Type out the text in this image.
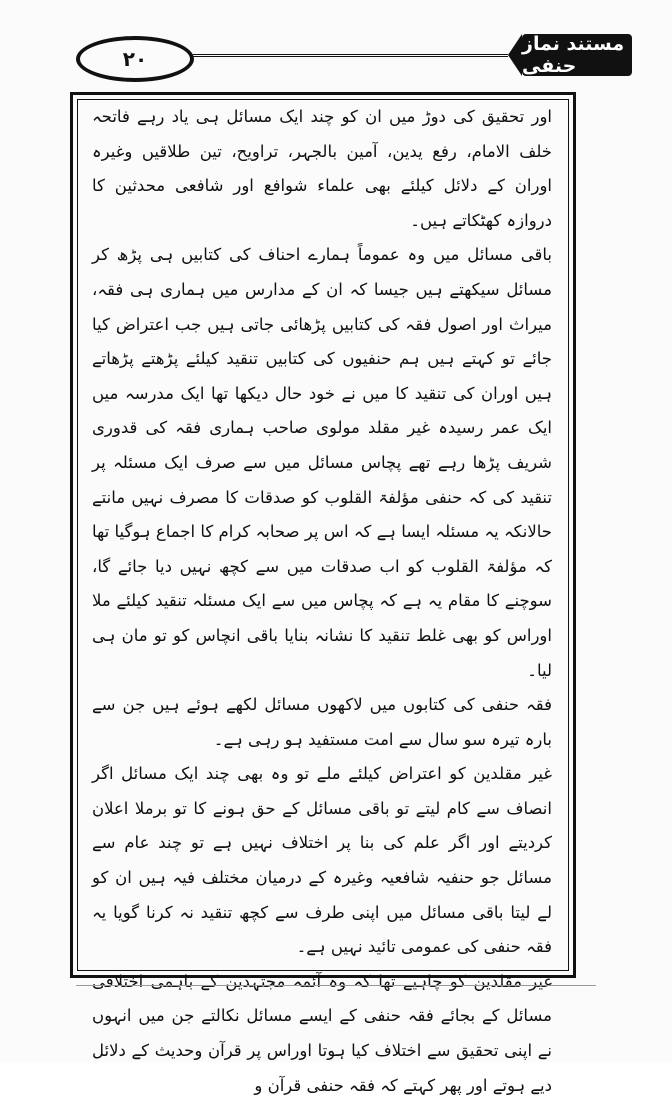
۲۰
مستند نماز حنفی

اور تحقیق کی دوڑ میں ان کو چند ایک مسائل ہی یاد رہے فاتحہ خلف الامام، رفع یدین، آمین بالجہر، تراویح، تین طلاقیں وغیرہ اوران کے دلائل کیلئے بھی علماء شوافع اور شافعی محدثین کا دروازہ کھٹکاتے ہیں۔

باقی مسائل میں وہ عموماً ہمارے احناف کی کتابیں ہی پڑھ کر مسائل سیکھتے ہیں جیسا کہ ان کے مدارس میں ہماری ہی فقہ، میراث اور اصول فقہ کی کتابیں پڑھائی جاتی ہیں جب اعتراض کیا جائے تو کہتے ہیں ہم حنفیوں کی کتابیں تنقید کیلئے پڑھتے پڑھاتے ہیں اوران کی تنقید کا میں نے خود حال دیکھا تھا ایک مدرسہ میں ایک عمر رسیدہ غیر مقلد مولوی صاحب ہماری فقہ کی قدوری شریف پڑھا رہے تھے پچاس مسائل میں سے صرف ایک مسئلہ پر تنقید کی کہ حنفی مؤلفۃ القلوب کو صدقات کا مصرف نہیں مانتے حالانکہ یہ مسئلہ ایسا ہے کہ اس پر صحابہ کرام کا اجماع ہوگیا تھا کہ مؤلفۃ القلوب کو اب صدقات میں سے کچھ نہیں دیا جائے گا، سوچنے کا مقام یہ ہے کہ پچاس میں سے ایک مسئلہ تنقید کیلئے ملا اوراس کو بھی غلط تنقید کا نشانہ بنایا باقی انچاس کو تو مان ہی لیا۔

فقہ حنفی کی کتابوں میں لاکھوں مسائل لکھے ہوئے ہیں جن سے بارہ تیرہ سو سال سے امت مستفید ہو رہی ہے۔

غیر مقلدین کو اعتراض کیلئے ملے تو وہ بھی چند ایک مسائل اگر انصاف سے کام لیتے تو باقی مسائل کے حق ہونے کا تو برملا اعلان کردیتے اور اگر علم کی بنا پر اختلاف نہیں ہے تو چند عام سے مسائل جو حنفیہ شافعیہ وغیرہ کے درمیان مختلف فیہ ہیں ان کو لے لیتا باقی مسائل میں اپنی طرف سے کچھ تنقید نہ کرنا گویا یہ فقہ حنفی کی عمومی تائید نہیں ہے۔

غیر مقلدین کو چاہیے تھا کہ وہ آئمہ مجتہدین کے باہمی اختلافی مسائل کے بجائے فقہ حنفی کے ایسے مسائل نکالتے جن میں انہوں نے اپنی تحقیق سے اختلاف کیا ہوتا اوراس پر قرآن وحدیث کے دلائل دیے ہوتے اور پھر کہتے کہ فقہ حنفی قرآن و
